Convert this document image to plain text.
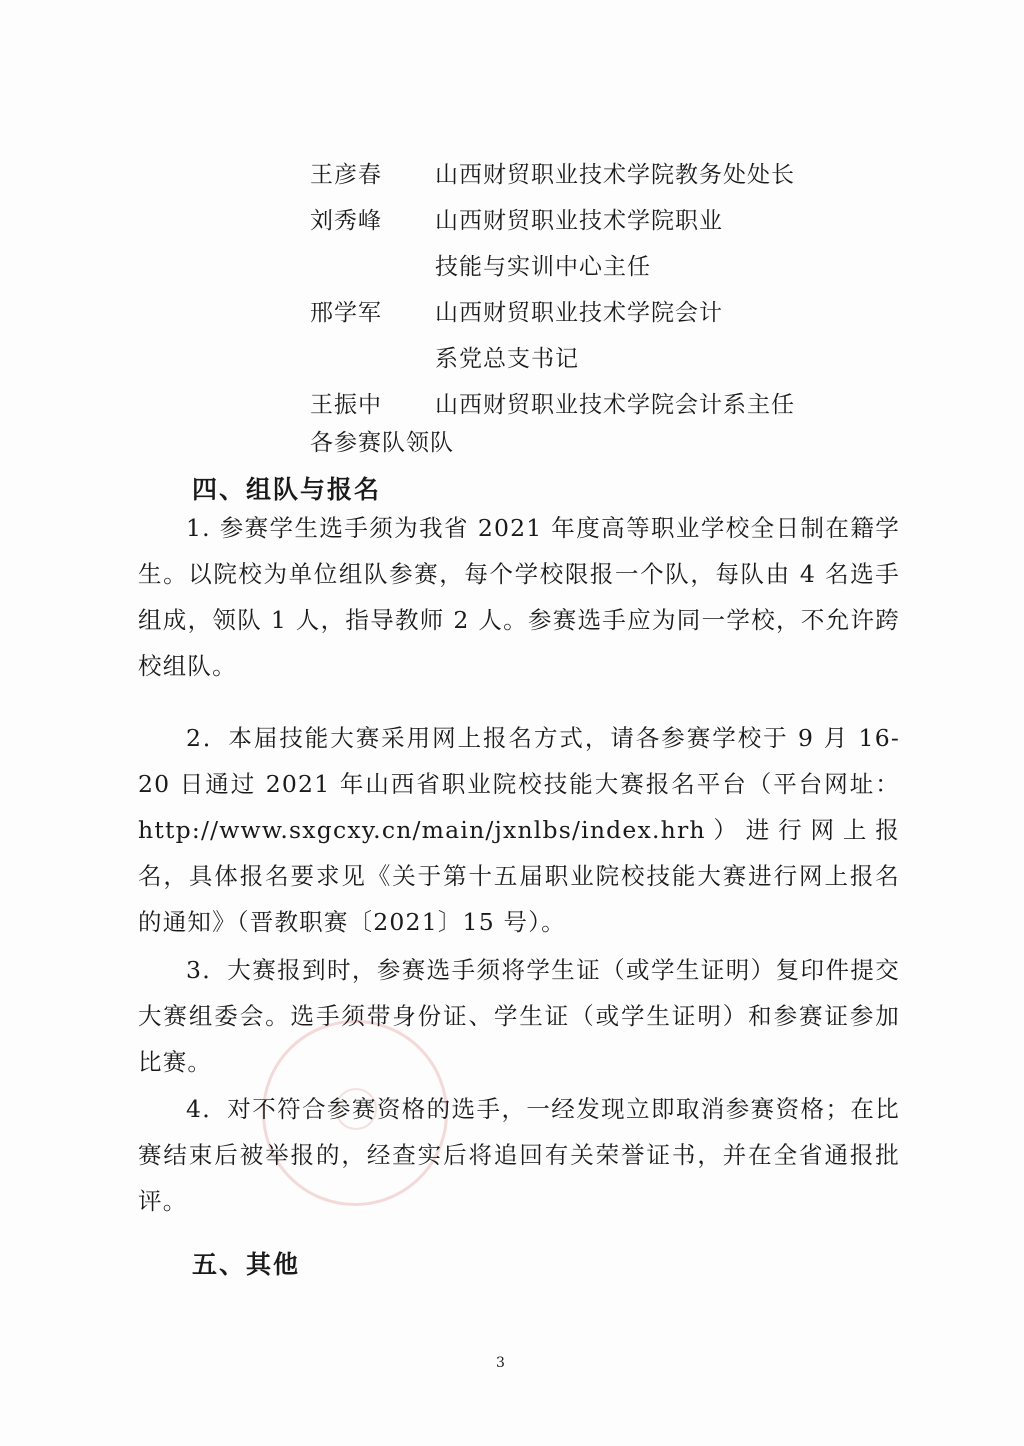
王彦春 山西财贸职业技术学院教务处处长
刘秀峰 山西财贸职业技术学院职业技能与实训中心主任
邢学军 山西财贸职业技术学院会计系党总支书记
王振中 山西财贸职业技术学院会计系主任
各参赛队领队
四、组队与报名

1. 参赛学生选手须为我省 2021 年度高等职业学校全日制在籍学生。以院校为单位组队参赛，每个学校限报一个队，每队由 4 名选手组成，领队 1 人，指导教师 2 人。参赛选手应为同一学校，不允许跨校组队。

2．本届技能大赛采用网上报名方式，请各参赛学校于 9 月 16-20 日通过 2021 年山西省职业院校技能大赛报名平台（平台网址：http://www.sxgcxy.cn/main/jxnlbs/index.hrh）进行网上报名，具体报名要求见《关于第十五届职业院校技能大赛进行网上报名的通知》（晋教职赛〔2021〕15 号）。

3．大赛报到时，参赛选手须将学生证（或学生证明）复印件提交大赛组委会。选手须带身份证、学生证（或学生证明）和参赛证参加比赛。

4．对不符合参赛资格的选手，一经发现立即取消参赛资格；在比赛结束后被举报的，经查实后将追回有关荣誉证书，并在全省通报批评。

五、其他
3
